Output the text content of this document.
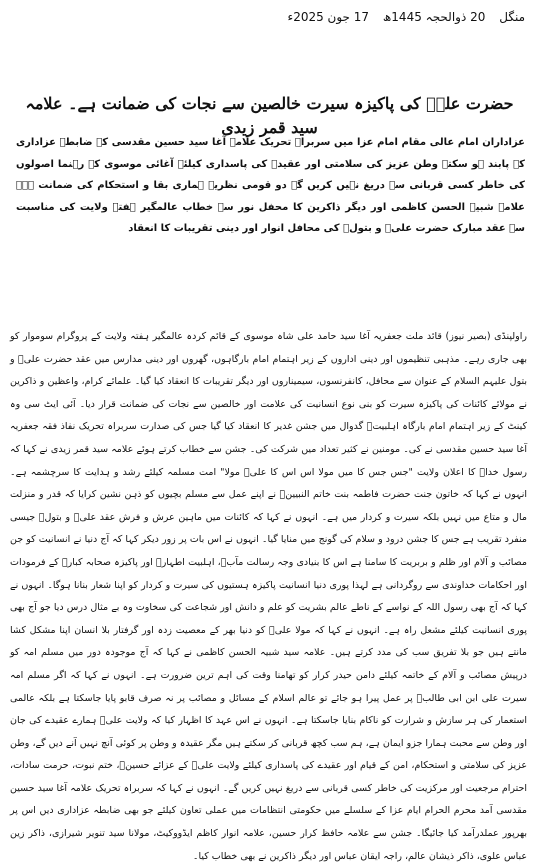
منگل 20 ذوالحجہ 1445ھ 17 جون 2025ء
حضرت علیؑ کی پاکیزہ سیرت خالصین سے نجات کی ضمانت ہے۔ علامہ سید قمر زیدی

عزاداران امام عالی مقام امام عزا میں سربراہ تحریک علامہ آغا سید حسین مقدسی کے ضابطہ عزاداری کے پابند ہو سکتے وطن عزیز کی سلامتی اور عقیدے کی پاسداری کیلئے آغائی موسوی کے رہنما اصولوں کی خاطر کسی قربانی سے دریغ نہیں کریں گے دو قومی نظریہ ہماری بقا و استحکام کی ضمانت ہے۔ علامہ شبیہ الحسن کاظمی اور دیگر ذاکرین کا محفل نور سے خطاب عالمگیر ہفتہ ولایت کی مناسبت سے عقد مبارک حضرت علیؑ و بتولؑ کی محافل انوار اور دینی تقریبات کا انعقاد

راولپنڈی (بصیر نیوز) قائد ملت جعفریہ آغا سید حامد علی شاہ موسوی کے قائم کردہ عالمگیر ہفتہ ولایت کے پروگرام سوموار کو بھی جاری رہے۔ مذہبی تنظیموں اور دینی اداروں کے زیر اہتمام امام بارگاہوں، گھروں اور دینی مدارس میں عقد حضرت علیؑ و بتول علیہم السلام کے عنوان سے محافل، کانفرنسوں، سیمیناروں اور دیگر تقریبات کا انعقاد کیا گیا۔ علمائے کرام، واعظین و ذاکرین نے مولائے کائنات کی پاکیزہ سیرت کو بنی نوع انسانیت کی علامت اور خالصین سے نجات کی ضمانت قرار دیا۔ آئی ایٹ سی وہ کینٹ کے زیر اہتمام امام بارگاہ اہلبیتؑ گدوال میں جشن غدیر کا انعقاد کیا گیا جس کی صدارت سربراہ تحریک نفاذ فقہ جعفریہ آغا سید حسین مقدسی نے کی۔ مومنین نے کثیر تعداد میں شرکت کی۔ جشن سے خطاب کرتے ہوئے علامہ سید قمر زیدی نے کہا کہ رسول خداؐ کا اعلان ولایت "جس جس کا میں مولا اس اس کا علیؑ مولا" امت مسلمہ کیلئے رشد و ہدایت کا سرچشمہ ہے۔ انہوں نے کہا کہ خاتون جنت حضرت فاطمہ بنت خاتم النبیینؐ نے اپنے عمل سے مسلم بچیوں کو ذہن نشین کرایا کہ قدر و منزلت مال و متاع میں نہیں بلکہ سیرت و کردار میں ہے۔ انہوں نے کہا کہ کائنات میں ماہین عرش و فرش عقد علیؑ و بتولؑ جیسی منفرد تقریب ہے جس کا جشن درود و سلام کی گونج میں منایا گیا۔ انہوں نے اس بات پر زور دیکر کہا کہ آج دنیا نے انسانیت کو جن مصائب و آلام اور ظلم و بربریت کا سامنا ہے اس کا بنیادی وجہ رسالت مآبؐ، اہلبیت اطہارؑ اور پاکیزہ صحابہ کبارؓ کے فرمودات اور احکامات خداوندی سے روگردانی ہے لہذا پوری دنیا انسانیت پاکیزہ ہستیوں کی سیرت و کردار کو اپنا شعار بنانا ہوگا۔ انہوں نے کہا کہ آج بھی رسول اللہ کے نواسے کے ناطے عالم بشریت کو علم و دانش اور شجاعت کی سخاوت وہ بے مثال درس دیا جو آج بھی پوری انسانیت کیلئے مشعل راہ ہے۔ انہوں نے کہا کہ مولا علیؑ کو دنیا بھر کے معصیت زدہ اور گرفتار بلا انسان اپنا مشکل کشا مانتے ہیں جو بلا تفریق سب کی مدد کرتے ہیں۔ علامہ سید شبیہ الحسن کاظمی نے کہا کہ آج موجودہ دور میں مسلم امہ کو درپیش مصائب و آلام کے خاتمہ کیلئے دامن حیدر کرار کو تھامنا وقت کی اہم ترین ضرورت ہے۔ انہوں نے کہا کہ اگر مسلم امہ سیرت علی ابن ابی طالبؑ پر عمل پیرا ہو جائے تو عالم اسلام کے مسائل و مصائب پر نہ صرف قابو پایا جاسکتا ہے بلکہ عالمی استعمار کی ہر سازش و شرارت کو ناکام بنایا جاسکتا ہے۔ انہوں نے اس عہد کا اظہار کیا کہ ولایت علیؑ ہمارے عقیدے کی جان اور وطن سے محبت ہمارا جزو ایمان ہے، ہم سب کچھ قربانی کر سکتے ہیں مگر عقیدہ و وطن پر کوئی آنچ نہیں آنے دیں گے، وطن عزیز کی سلامتی و استحکام، امن کے قیام اور عقیدے کی پاسداری کیلئے ولایت علیؑ کے عزائے حسینؑ، ختم نبوت، حرمت سادات، احترام مرجعیت اور مرکزیت کی خاطر کسی قربانی سے دریغ نہیں کریں گے۔ انہوں نے کہا کہ سربراہ تحریک علامہ آغا سید حسین مقدسی آمد محرم الحرام ایام عزا کے سلسلے میں حکومتی انتظامات میں عملی تعاون کیلئے جو بھی ضابطہ عزاداری دیں اس پر بھرپور عملدرآمد کیا جائیگا۔ جشن سے علامہ حافظ کرار حسین، علامہ انوار کاظم ایڈووکیٹ، مولانا سید تنویر شیرازی، ذاکر زین عباس علوی، ذاکر ذیشان عالم، راجہ ایقان عباس اور دیگر ذاکرین نے بھی خطاب کیا۔
